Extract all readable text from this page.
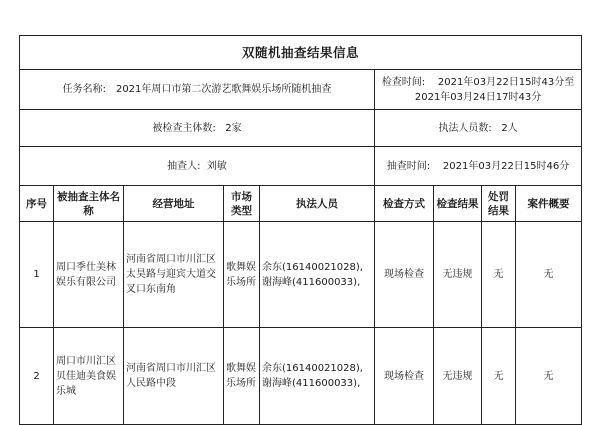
双随机抽查结果信息								
任务名称: 2021年周口市第二次游艺歌舞娱乐场所随机抽查					检查时间: 2021年03月22日15时43分至2021年03月24日17时43分			
被检查主体数: 2家					执法人员数: 2人			
抽查人: 刘敏					抽查时间: 2021年03月22日15时46分			
序号	被抽查主体名称	经营地址	市场类型	执法人员	检查方式	检查结果	处罚结果	案件概要
1	周口季仕美林娱乐有限公司	河南省周口市川汇区太昊路与迎宾大道交叉口东南角	歌舞娱乐场所	余东(16140021028),谢海峰(411600033),	现场检查	无违规	无	无
2	周口市川汇区贝佳迪美食娱乐城	河南省周口市川汇区人民路中段	歌舞娱乐场所	余东(16140021028),谢海峰(411600033),	现场检查	无违规	无	无
